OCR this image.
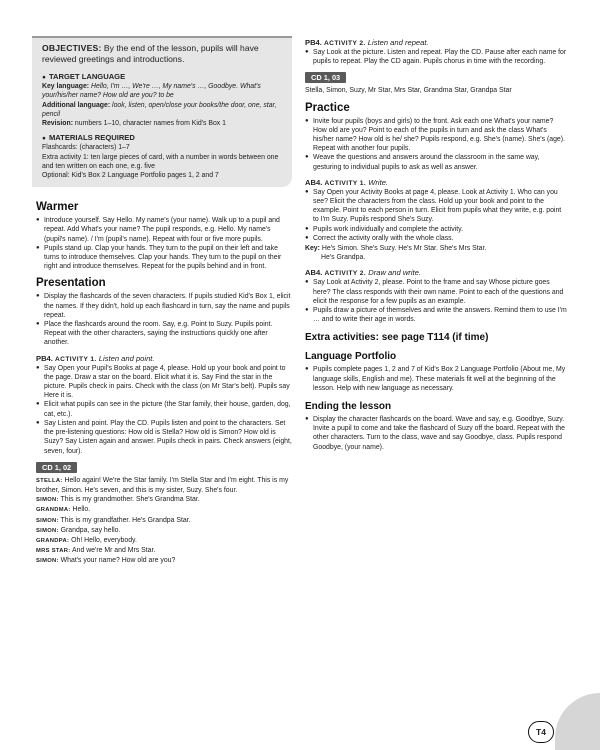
OBJECTIVES: By the end of the lesson, pupils will have reviewed greetings and introductions.
● TARGET LANGUAGE

Key language: Hello, I'm …, We're …, My name's …, Goodbye. What's your/his/her name? How old are you? to be

Additional language: look, listen, open/close your books/the door, one, star, pencil

Revision: numbers 1–10, character names from Kid's Box 1

● MATERIALS REQUIRED

Flashcards: (characters) 1–7

Extra activity 1: ten large pieces of card, with a number in words between one and ten written on each one, e.g. five

Optional: Kid's Box 2 Language Portfolio pages 1, 2 and 7

Warmer
● Introduce yourself. Say Hello. My name's (your name). Walk up to a pupil and repeat. Add What's your name? The pupil responds, e.g. Hello. My name's (pupil's name). / I'm (pupil's name). Repeat with four or five more pupils.
● Pupils stand up. Clap your hands. They turn to the pupil on their left and take turns to introduce themselves. Clap your hands. They turn to the pupil on their right and introduce themselves. Repeat for the pupils behind and in front.
Presentation
● Display the flashcards of the seven characters. If pupils studied Kid's Box 1, elicit the names. If they didn't, hold up each flashcard in turn, say the name and pupils repeat.
● Place the flashcards around the room. Say, e.g. Point to Suzy. Pupils point. Repeat with the other characters, saying the instructions quickly one after another.
PB4. ACTIVITY 1. Listen and point.
● Say Open your Pupil's Books at page 4, please. Hold up your book and point to the page. Draw a star on the board. Elicit what it is. Say Find the star in the picture. Pupils check in pairs. Check with the class (on Mr Star's belt). Pupils say Here it is.
● Elicit what pupils can see in the picture (the Star family, their house, garden, dog, cat, etc.).
● Say Listen and point. Play the CD. Pupils listen and point to the characters. Set the pre-listening questions: How old is Stella? How old is Simon? How old is Suzy? Say Listen again and answer. Pupils check in pairs. Check answers (eight, seven, four).
CD 1, 02
STELLA: Hello again! We're the Star family. I'm Stella Star and I'm eight. This is my brother, Simon. He's seven, and this is my sister, Suzy. She's four.
SIMON: This is my grandmother. She's Grandma Star.
GRANDMA: Hello.
SIMON: This is my grandfather. He's Grandpa Star.
SIMON: Grandpa, say hello.
GRANDPA: Oh! Hello, everybody.
MRS STAR: And we're Mr and Mrs Star.
SIMON: What's your name? How old are you?
PB4. ACTIVITY 2. Listen and repeat.
● Say Look at the picture. Listen and repeat. Play the CD. Pause after each name for pupils to repeat. Play the CD again. Pupils chorus in time with the recording.
CD 1, 03

Stella, Simon, Suzy, Mr Star, Mrs Star, Grandma Star, Grandpa Star

Practice
● Invite four pupils (boys and girls) to the front. Ask each one What's your name? How old are you? Point to each of the pupils in turn and ask the class What's his/her name? How old is he/ she? Pupils respond, e.g. She's (name). She's (age). Repeat with another four pupils.
● Weave the questions and answers around the classroom in the same way, gesturing to individual pupils to ask as well as answer.
AB4. ACTIVITY 1. Write.
● Say Open your Activity Books at page 4, please. Look at Activity 1. Who can you see? Elicit the characters from the class. Hold up your book and point to the example. Point to each person in turn. Elicit from pupils what they write, e.g. point to I'm Suzy. Pupils respond She's Suzy.
● Pupils work individually and complete the activity.
● Correct the activity orally with the whole class.
Key: He's Simon. She's Suzy. He's Mr Star. She's Mrs Star.
He's Grandpa.
AB4. ACTIVITY 2. Draw and write.
● Say Look at Activity 2, please. Point to the frame and say Whose picture goes here? The class responds with their own name. Point to each of the questions and elicit the response for a few pupils as an example.
● Pupils draw a picture of themselves and write the answers. Remind them to use I'm … and to write their age in words.
Extra activities: see page T114 (if time)
Language Portfolio
● Pupils complete pages 1, 2 and 7 of Kid's Box 2 Language Portfolio (About me, My language skills, English and me). These materials fit well at the beginning of the lesson. Help with new language as necessary.
Ending the lesson
● Display the character flashcards on the board. Wave and say, e.g. Goodbye, Suzy. Invite a pupil to come and take the flashcard of Suzy off the board. Repeat with the other characters. Turn to the class, wave and say Goodbye, class. Pupils respond Goodbye, (your name).
T4
